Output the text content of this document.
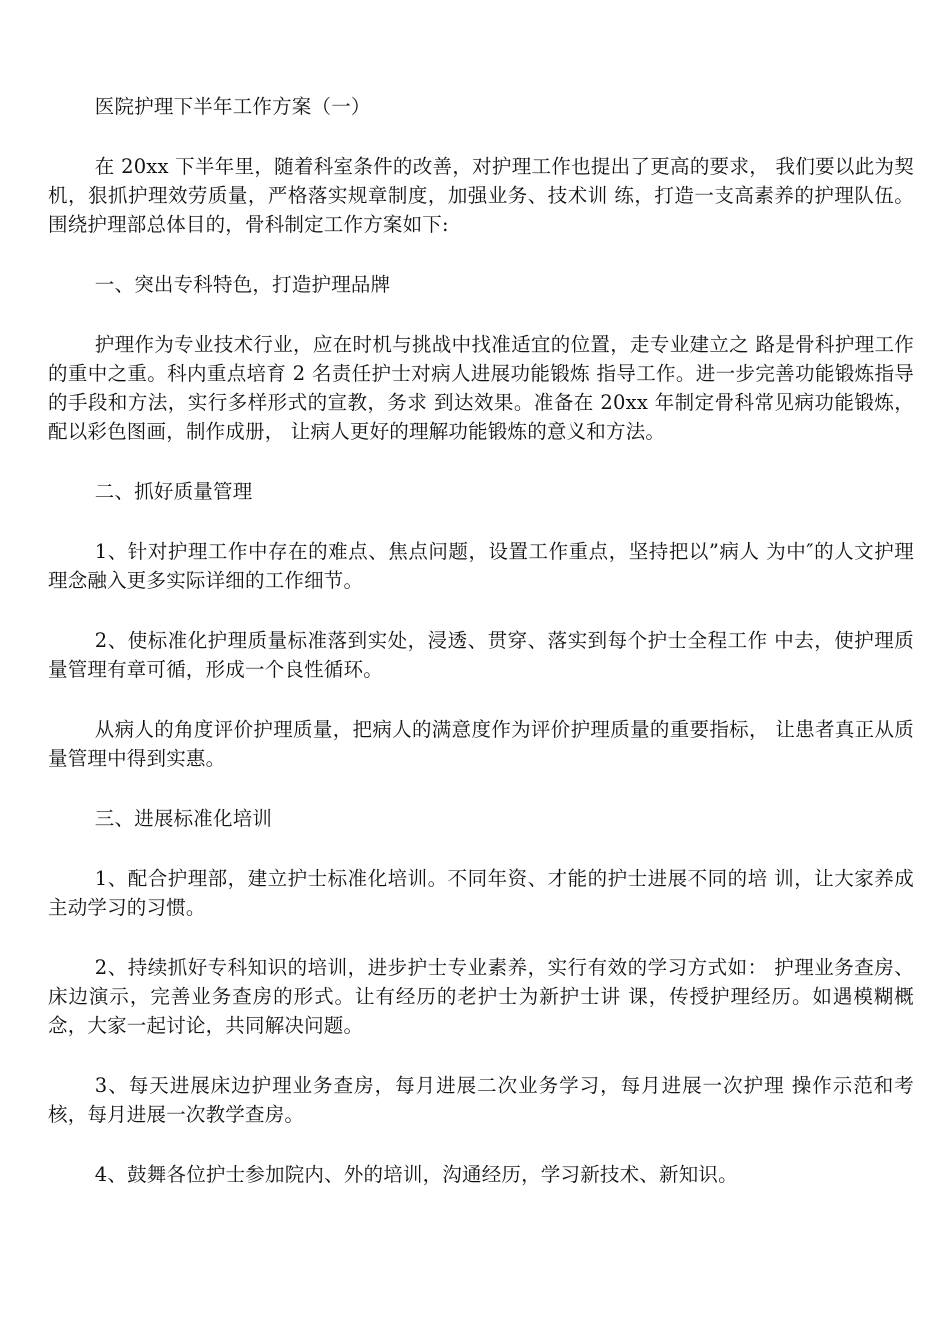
医院护理下半年工作方案（一）

在 20xx 下半年里，随着科室条件的改善，对护理工作也提出了更高的要求， 我们要以此为契机，狠抓护理效劳质量，严格落实规章制度，加强业务、技术训 练，打造一支高素养的护理队伍。围绕护理部总体目的，骨科制定工作方案如下:

一、突出专科特色，打造护理品牌

护理作为专业技术行业，应在时机与挑战中找准适宜的位置，走专业建立之 路是骨科护理工作的重中之重。科内重点培育 2 名责任护士对病人进展功能锻炼 指导工作。进一步完善功能锻炼指导的手段和方法，实行多样形式的宣教，务求 到达效果。准备在 20xx 年制定骨科常见病功能锻炼，配以彩色图画，制作成册， 让病人更好的理解功能锻炼的意义和方法。

二、抓好质量管理

1、针对护理工作中存在的难点、焦点问题，设置工作重点，坚持把以”病人 为中″的人文护理理念融入更多实际详细的工作细节。

2、使标准化护理质量标准落到实处，浸透、贯穿、落实到每个护士全程工作 中去，使护理质量管理有章可循，形成一个良性循环。

从病人的角度评价护理质量，把病人的满意度作为评价护理质量的重要指标， 让患者真正从质量管理中得到实惠。

三、进展标准化培训

1、配合护理部，建立护士标准化培训。不同年资、才能的护士进展不同的培 训，让大家养成主动学习的习惯。

2、持续抓好专科知识的培训，进步护士专业素养，实行有效的学习方式如： 护理业务查房、床边演示，完善业务查房的形式。让有经历的老护士为新护士讲 课，传授护理经历。如遇模糊概念，大家一起讨论，共同解决问题。

3、每天进展床边护理业务查房，每月进展二次业务学习，每月进展一次护理 操作示范和考核，每月进展一次教学查房。

4、鼓舞各位护士参加院内、外的培训，沟通经历，学习新技术、新知识。
